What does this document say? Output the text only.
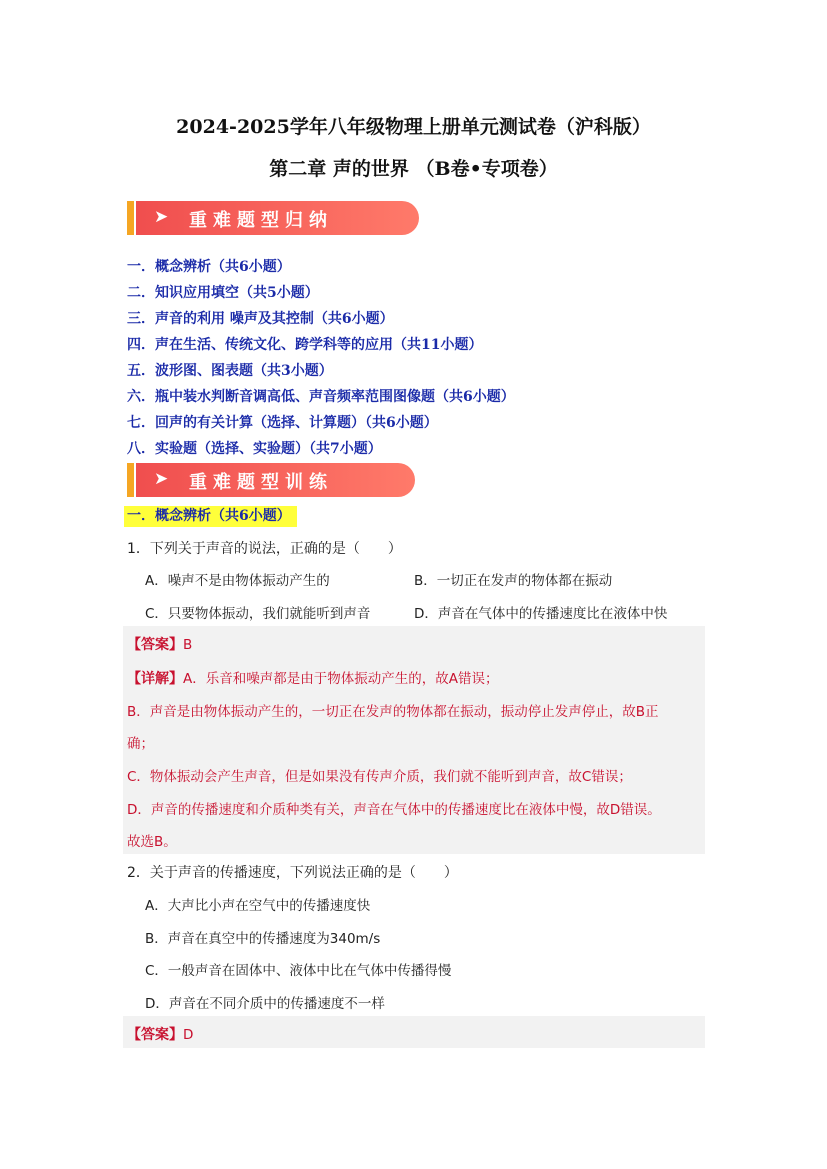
2024-2025学年八年级物理上册单元测试卷（沪科版）
第二章 声的世界 （B卷•专项卷）
➤ 重难题型归纳
一．概念辨析（共6小题）
二．知识应用填空（共5小题）
三．声音的利用 噪声及其控制（共6小题）
四．声在生活、传统文化、跨学科等的应用（共11小题）
五．波形图、图表题（共3小题）
六．瓶中装水判断音调高低、声音频率范围图像题（共6小题）
七．回声的有关计算（选择、计算题）（共6小题）
八．实验题（选择、实验题）（共7小题）
➤ 重难题型训练
一．概念辨析（共6小题）
1．下列关于声音的说法，正确的是（　　）
A．噪声不是由物体振动产生的	B．一切正在发声的物体都在振动
C．只要物体振动，我们就能听到声音	D．声音在气体中的传播速度比在液体中快
【答案】B
【详解】A．乐音和噪声都是由于物体振动产生的，故A错误；
B．声音是由物体振动产生的，一切正在发声的物体都在振动，振动停止发声停止，故B正
确；
C．物体振动会产生声音，但是如果没有传声介质，我们就不能听到声音，故C错误；
D．声音的传播速度和介质种类有关，声音在气体中的传播速度比在液体中慢，故D错误。
故选B。
2．关于声音的传播速度，下列说法正确的是（　　）
A．大声比小声在空气中的传播速度快
B．声音在真空中的传播速度为340m/s
C．一般声音在固体中、液体中比在气体中传播得慢
D．声音在不同介质中的传播速度不一样
【答案】D
